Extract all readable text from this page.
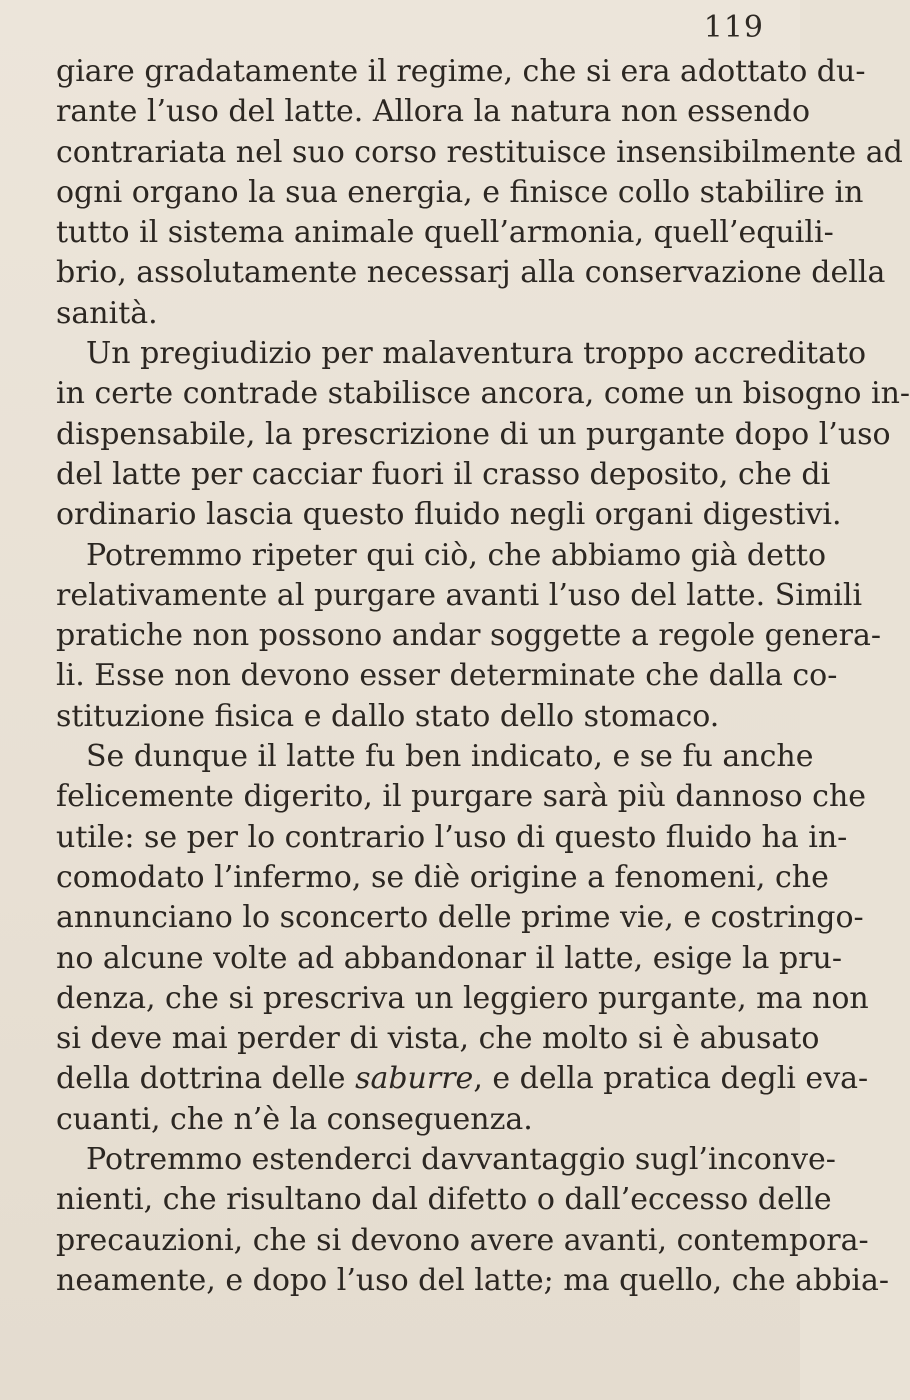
119
giare gradatamente il regime, che si era adottato du-
rante l’uso del latte. Allora la natura non essendo
contrariata nel suo corso restituisce insensibilmente ad
ogni organo la sua energia, e finisce collo stabilire in
tutto il sistema animale quell’armonia, quell’equili-
brio, assolutamente necessarj alla conservazione della
sanità.
Un pregiudizio per malaventura troppo accreditato
in certe contrade stabilisce ancora, come un bisogno in-
dispensabile, la prescrizione di un purgante dopo l’uso
del latte per cacciar fuori il crasso deposito, che di
ordinario lascia questo fluido negli organi digestivi.
Potremmo ripeter qui ciò, che abbiamo già detto
relativamente al purgare avanti l’uso del latte. Simili
pratiche non possono andar soggette a regole genera-
li. Esse non devono esser determinate che dalla co-
stituzione fisica e dallo stato dello stomaco.
Se dunque il latte fu ben indicato, e se fu anche
felicemente digerito, il purgare sarà più dannoso che
utile: se per lo contrario l’uso di questo fluido ha in-
comodato l’infermo, se diè origine a fenomeni, che
annunciano lo sconcerto delle prime vie, e costringo-
no alcune volte ad abbandonar il latte, esige la pru-
denza, che si prescriva un leggiero purgante, ma non
si deve mai perder di vista, che molto si è abusato
della dottrina delle saburre, e della pratica degli eva-
cuanti, che n’è la conseguenza.
Potremmo estenderci davvantaggio sugl’inconve-
nienti, che risultano dal difetto o dall’eccesso delle
precauzioni, che si devono avere avanti, contempora-
neamente, e dopo l’uso del latte; ma quello, che abbia-
